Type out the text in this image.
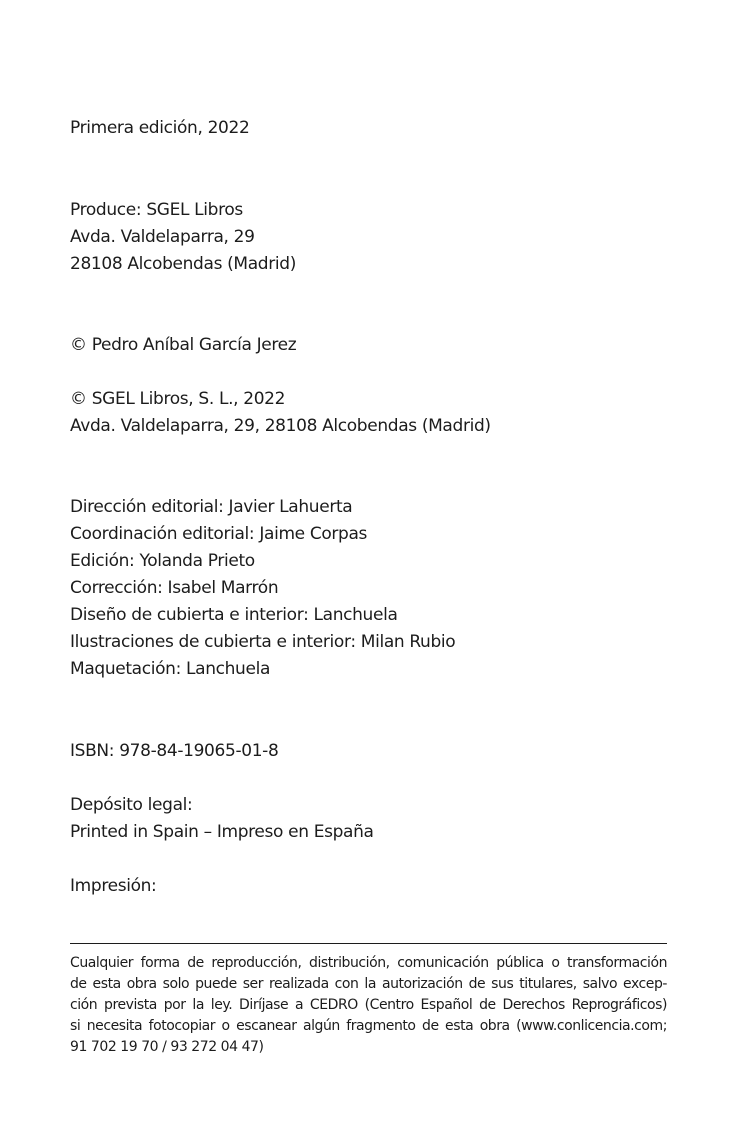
Primera edición, 2022
Produce: SGEL Libros
Avda. Valdelaparra, 29
28108 Alcobendas (Madrid)
© Pedro Aníbal García Jerez
© SGEL Libros, S. L., 2022
Avda. Valdelaparra, 29, 28108 Alcobendas (Madrid)
Dirección editorial: Javier Lahuerta
Coordinación editorial: Jaime Corpas
Edición: Yolanda Prieto
Corrección: Isabel Marrón
Diseño de cubierta e interior: Lanchuela
Ilustraciones de cubierta e interior: Milan Rubio
Maquetación: Lanchuela
ISBN: 978-84-19065-01-8
Depósito legal:
Printed in Spain – Impreso en España
Impresión:
Cualquier forma de reproducción, distribución, comunicación pública o transformación
de esta obra solo puede ser realizada con la autorización de sus titulares, salvo excep-
ción prevista por la ley. Diríjase a CEDRO (Centro Español de Derechos Reprográficos)
si necesita fotocopiar o escanear algún fragmento de esta obra (www.conlicencia.com;
91 702 19 70 / 93 272 04 47)
